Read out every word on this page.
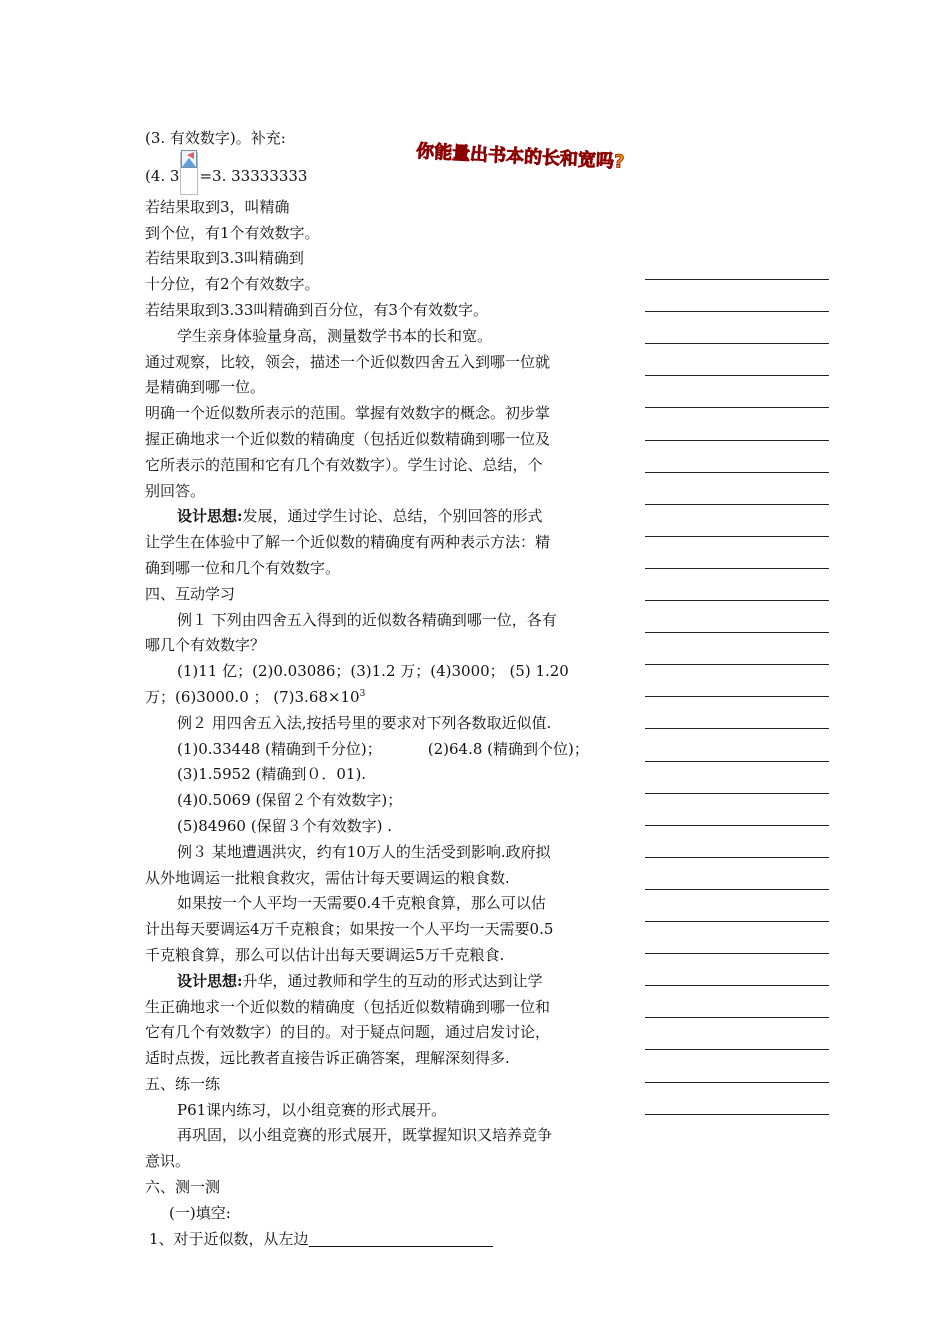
你能量出书本的长和宽吗?

(3. 有效数字)。补充:

(4. 3 =3. 33333333

若结果取到3，叫精确

到个位，有1个有效数字。

若结果取到3.3叫精确到

十分位，有2个有效数字。

若结果取到3.33叫精确到百分位，有3个有效数字。

学生亲身体验量身高，测量数学书本的长和宽。

通过观察，比较，领会，描述一个近似数四舍五入到哪一位就

是精确到哪一位。

明确一个近似数所表示的范围。掌握有效数字的概念。初步掌

握正确地求一个近似数的精确度（包括近似数精确到哪一位及

它所表示的范围和它有几个有效数字）。学生讨论、总结，个

别回答。

设计思想:发展，通过学生讨论、总结，个别回答的形式

让学生在体验中了解一个近似数的精确度有两种表示方法：精

确到哪一位和几个有效数字。

四、互动学习

例１ 下列由四舍五入得到的近似数各精确到哪一位，各有

哪几个有效数字？

(1)11 亿；(2)0.03086；(3)1.2 万；(4)3000； (5) 1.20

万；(6)3000.0 ； $(7)3.68\times 10^3$

例２ 用四舍五入法,按括号里的要求对下列各数取近似值.

(1)0.33448 (精确到千分位)；	(2)64.8 (精确到个位)；

(3)1.5952 (精确到０．01).

(4)0.5069 (保留２个有效数字)；

(5)84960 (保留３个有效数字) .

例３ 某地遭遇洪灾，约有10万人的生活受到影响.政府拟

从外地调运一批粮食救灾，需估计每天要调运的粮食数.

如果按一个人平均一天需要0.4千克粮食算，那么可以估

计出每天要调运4万千克粮食；如果按一个人平均一天需要0.5

千克粮食算，那么可以估计出每天要调运5万千克粮食.

设计思想:升华，通过教师和学生的互动的形式达到让学

生正确地求一个近似数的精确度（包括近似数精确到哪一位和

它有几个有效数字）的目的。对于疑点问题，通过启发讨论，

适时点拨，远比教者直接告诉正确答案，理解深刻得多.

五、练一练

P61课内练习，以小组竞赛的形式展开。

再巩固，以小组竞赛的形式展开，既掌握知识又培养竞争

意识。

六、测一测

(一)填空:

1、对于近似数，从左边
